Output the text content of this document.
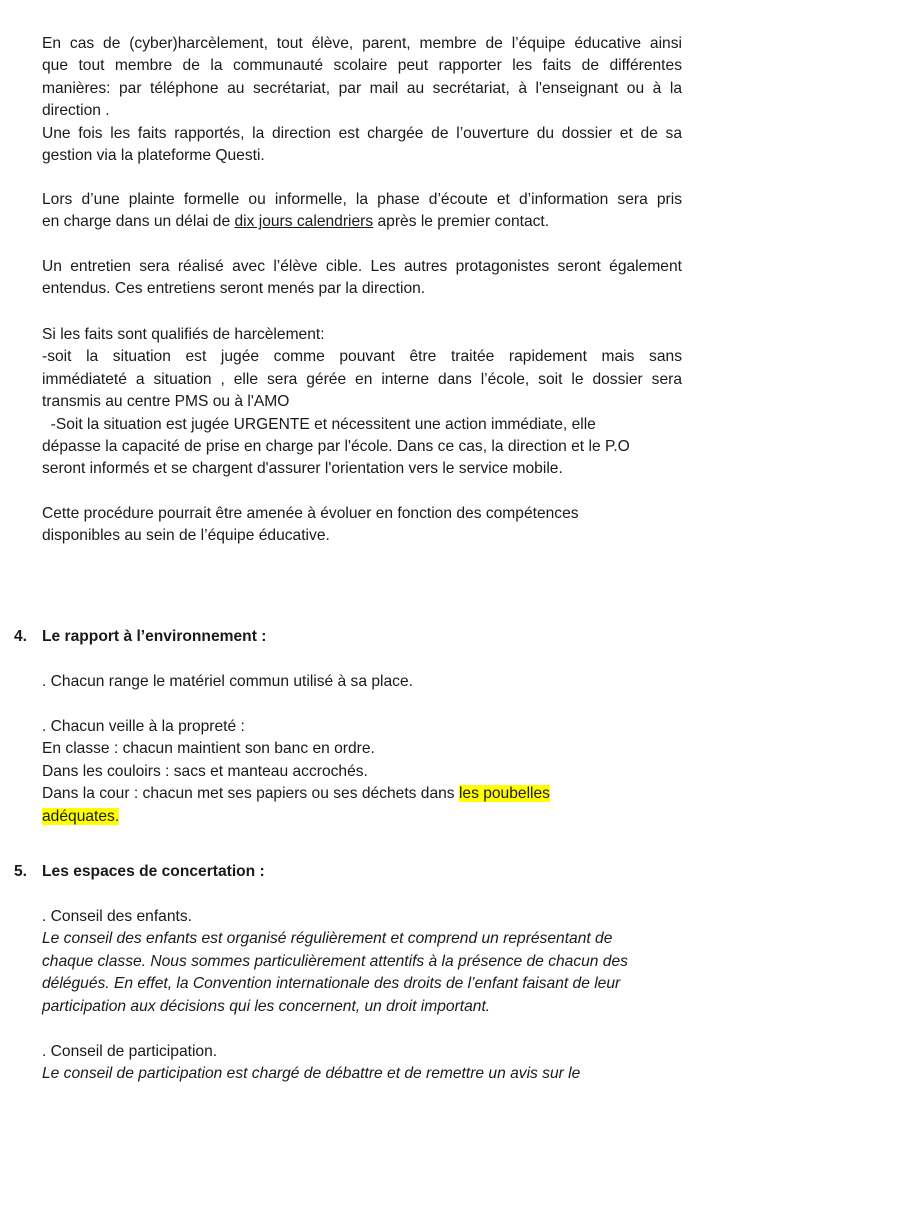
En cas de (cyber)harcèlement, tout élève, parent, membre de l’équipe éducative ainsi
que tout membre de la communauté scolaire peut rapporter les faits de différentes
manières: par téléphone au secrétariat, par mail au secrétariat, à l'enseignant ou à la
direction .
Une fois les faits rapportés, la direction est chargée de l’ouverture du dossier et de sa
gestion via la plateforme Questi.
Lors d’une plainte formelle ou informelle, la phase d’écoute et d’information sera pris
en charge dans un délai de dix jours calendriers après le premier contact.
Un entretien sera réalisé avec l’élève cible. Les autres protagonistes seront également
entendus. Ces entretiens seront menés par la direction.
Si les faits sont qualifiés de harcèlement:
-soit la situation est jugée comme pouvant être traitée rapidement mais sans
immédiateté a situation , elle sera gérée en interne dans l’école, soit le dossier sera
transmis au centre PMS ou à l'AMO
-Soit la situation est jugée URGENTE et nécessitent une action immédiate, elle
dépasse la capacité de prise en charge par l'école. Dans ce cas, la direction et le P.O
seront informés et se chargent d'assurer l'orientation vers le service mobile.
Cette procédure pourrait être amenée à évoluer en fonction des compétences
disponibles au sein de l’équipe éducative.
4. Le rapport à l’environnement :
. Chacun range le matériel commun utilisé à sa place.
. Chacun veille à la propreté :
En classe : chacun maintient son banc en ordre.
Dans les couloirs : sacs et manteau accrochés.
Dans la cour : chacun met ses papiers ou ses déchets dans les poubelles
adéquates.
5. Les espaces de concertation :
. Conseil des enfants.
Le conseil des enfants est organisé régulièrement et comprend un représentant de
chaque classe. Nous sommes particulièrement attentifs à la présence de chacun des
délégués. En effet, la Convention internationale des droits de l’enfant faisant de leur
participation aux décisions qui les concernent, un droit important.
. Conseil de participation.
Le conseil de participation est chargé de débattre et de remettre un avis sur le
